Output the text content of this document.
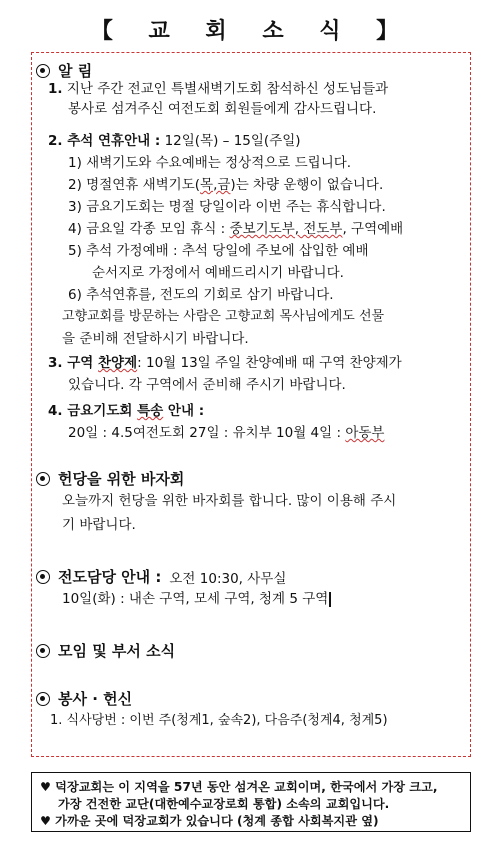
【 교 회 소 식 】
알 림
1. 지난 주간 전교인 특별새벽기도회 참석하신 성도님들과
봉사로 섬겨주신 여전도회 회원들에게 감사드립니다.
2. 추석 연휴안내 : 12일(목) – 15일(주일)
1) 새벽기도와 수요예배는 정상적으로 드립니다.
2) 명절연휴 새벽기도(목,금)는 차량 운행이 없습니다.
3) 금요기도회는 명절 당일이라 이번 주는 휴식합니다.
4) 금요일 각종 모임 휴식 : 중보기도부, 전도부, 구역예배
5) 추석 가정예배 : 추석 당일에 주보에 삽입한 예배
순서지로 가정에서 예배드리시기 바랍니다.
6) 추석연휴를, 전도의 기회로 삼기 바랍니다.
고향교회를 방문하는 사람은 고향교회 목사님에게도 선물
을 준비해 전달하시기 바랍니다.
3. 구역 찬양제: 10월 13일 주일 찬양예배 때 구역 찬양제가
있습니다. 각 구역에서 준비해 주시기 바랍니다.
4. 금요기도회 특송 안내 :
20일 : 4.5여전도회 27일 : 유치부 10월 4일 : 아동부
헌당을 위한 바자회
오늘까지 헌당을 위한 바자회를 합니다. 많이 이용해 주시
기 바랍니다.
전도담당 안내 : 오전 10:30, 사무실
10일(화) : 내손 구역, 모세 구역, 청계 5 구역
모임 및 부서 소식
봉사 · 헌신
1. 식사당번 : 이번 주(청계1, 숲속2), 다음주(청계4, 청계5)
♥ 덕장교회는 이 지역을 57년 동안 섬겨온 교회이며, 한국에서 가장 크고,
가장 건전한 교단(대한예수교장로회 통합) 소속의 교회입니다.
♥ 가까운 곳에 덕장교회가 있습니다 (청계 종합 사회복지관 옆)
